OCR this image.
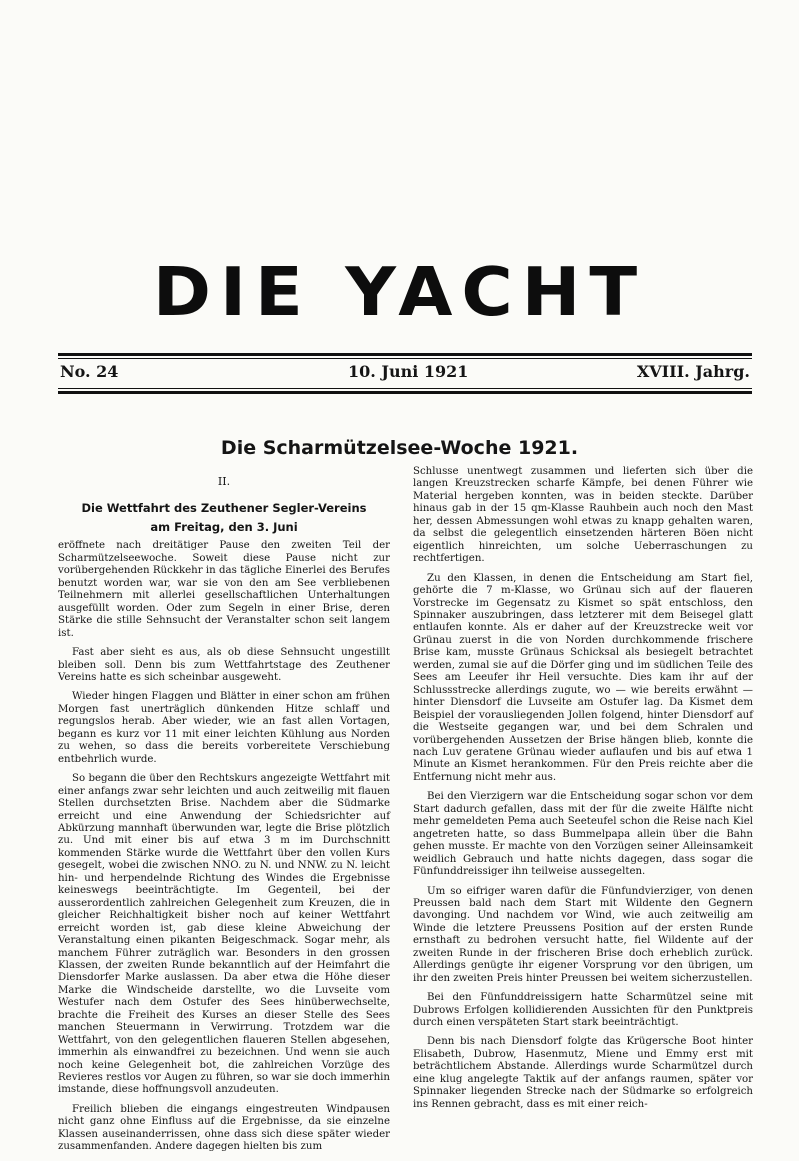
DIE YACHT
No. 24	10. Juni 1921	XVIII. Jahrg.
Die Scharmützelsee-Woche 1921.
II.
Die Wettfahrt des Zeuthener Segler-Vereins
am Freitag, den 3. Juni

eröffnete nach dreitätiger Pause den zweiten Teil der Scharmützelseewoche. Soweit diese Pause nicht zur vorübergehenden Rückkehr in das tägliche Einerlei des Berufes benutzt worden war, war sie von den am See verbliebenen Teilnehmern mit allerlei gesellschaftlichen Unterhaltungen ausgefüllt worden. Oder zum Segeln in einer Brise, deren Stärke die stille Sehnsucht der Veranstalter schon seit langem ist.

Fast aber sieht es aus, als ob diese Sehnsucht ungestillt bleiben soll. Denn bis zum Wettfahrtstage des Zeuthener Vereins hatte es sich scheinbar ausgeweht.

Wieder hingen Flaggen und Blätter in einer schon am frühen Morgen fast unerträglich dünkenden Hitze schlaff und regungslos herab. Aber wieder, wie an fast allen Vortagen, begann es kurz vor 11 mit einer leichten Kühlung aus Norden zu wehen, so dass die bereits vorbereitete Verschiebung entbehrlich wurde.

So begann die über den Rechtskurs angezeigte Wettfahrt mit einer anfangs zwar sehr leichten und auch zeitweilig mit flauen Stellen durchsetzten Brise. Nachdem aber die Südmarke erreicht und eine Anwendung der Schiedsrichter auf Abkürzung mannhaft überwunden war, legte die Brise plötzlich zu. Und mit einer bis auf etwa 3 m im Durchschnitt kommenden Stärke wurde die Wettfahrt über den vollen Kurs gesegelt, wobei die zwischen NNO. zu N. und NNW. zu N. leicht hin- und herpendelnde Richtung des Windes die Ergebnisse keineswegs beeinträchtigte. Im Gegenteil, bei der ausserordentlich zahlreichen Gelegenheit zum Kreuzen, die in gleicher Reichhaltigkeit bisher noch auf keiner Wettfahrt erreicht worden ist, gab diese kleine Abweichung der Veranstaltung einen pikanten Beigeschmack. Sogar mehr, als manchem Führer zuträglich war. Besonders in den grossen Klassen, der zweiten Runde bekanntlich auf der Heimfahrt die Diensdorfer Marke auslassen. Da aber etwa die Höhe dieser Marke die Windscheide darstellte, wo die Luvseite vom Westufer nach dem Ostufer des Sees hinüberwechselte, brachte die Freiheit des Kurses an dieser Stelle des Sees manchen Steuermann in Verwirrung. Trotzdem war die Wettfahrt, von den gelegentlichen flaueren Stellen abgesehen, immerhin als einwandfrei zu bezeichnen. Und wenn sie auch noch keine Gelegenheit bot, die zahlreichen Vorzüge des Revieres restlos vor Augen zu führen, so war sie doch immerhin imstande, diese hoffnungsvoll anzudeuten.

Freilich blieben die eingangs eingestreuten Windpausen nicht ganz ohne Einfluss auf die Ergebnisse, da sie einzelne Klassen auseinanderrissen, ohne dass sich diese später wieder zusammenfanden. Andere dagegen hielten bis zum

Schlusse unentwegt zusammen und lieferten sich über die langen Kreuzstrecken scharfe Kämpfe, bei denen Führer wie Material hergeben konnten, was in beiden steckte. Darüber hinaus gab in der 15 qm-Klasse Rauhbein auch noch den Mast her, dessen Abmessungen wohl etwas zu knapp gehalten waren, da selbst die gelegentlich einsetzenden härteren Böen nicht eigentlich hinreichten, um solche Ueberraschungen zu rechtfertigen.

Zu den Klassen, in denen die Entscheidung am Start fiel, gehörte die 7 m-Klasse, wo Grünau sich auf der flaueren Vorstrecke im Gegensatz zu Kismet so spät entschloss, den Spinnaker auszubringen, dass letzterer mit dem Beisegel glatt entlaufen konnte. Als er daher auf der Kreuzstrecke weit vor Grünau zuerst in die von Norden durchkommende frischere Brise kam, musste Grünaus Schicksal als besiegelt betrachtet werden, zumal sie auf die Dörfer ging und im südlichen Teile des Sees am Leeufer ihr Heil versuchte. Dies kam ihr auf der Schlussstrecke allerdings zugute, wo — wie bereits erwähnt — hinter Diensdorf die Luvseite am Ostufer lag. Da Kismet dem Beispiel der vorausliegenden Jollen folgend, hinter Diensdorf auf die Westseite gegangen war, und bei dem Schralen und vorübergehenden Aussetzen der Brise hängen blieb, konnte die nach Luv geratene Grünau wieder auflaufen und bis auf etwa 1 Minute an Kismet herankommen. Für den Preis reichte aber die Entfernung nicht mehr aus.

Bei den Vierzigern war die Entscheidung sogar schon vor dem Start dadurch gefallen, dass mit der für die zweite Hälfte nicht mehr gemeldeten Pema auch Seeteufel schon die Reise nach Kiel angetreten hatte, so dass Bummelpapa allein über die Bahn gehen musste. Er machte von den Vorzügen seiner Alleinsamkeit weidlich Gebrauch und hatte nichts dagegen, dass sogar die Fünfunddreissiger ihn teilweise aussegelten.

Um so eifriger waren dafür die Fünfundvierziger, von denen Preussen bald nach dem Start mit Wildente den Gegnern davonging. Und nachdem vor Wind, wie auch zeitweilig am Winde die letztere Preussens Position auf der ersten Runde ernsthaft zu bedrohen versucht hatte, fiel Wildente auf der zweiten Runde in der frischeren Brise doch erheblich zurück. Allerdings genügte ihr eigener Vorsprung vor den übrigen, um ihr den zweiten Preis hinter Preussen bei weitem sicherzustellen.

Bei den Fünfunddreissigern hatte Scharmützel seine mit Dubrows Erfolgen kollidierenden Aussichten für den Punktpreis durch einen verspäteten Start stark beeinträchtigt.

Denn bis nach Diensdorf folgte das Krügersche Boot hinter Elisabeth, Dubrow, Hasenmutz, Miene und Emmy erst mit beträchtlichem Abstande. Allerdings wurde Scharmützel durch eine klug angelegte Taktik auf der anfangs raumen, später vor Spinnaker liegenden Strecke nach der Südmarke so erfolgreich ins Rennen gebracht, dass es mit einer reich-
